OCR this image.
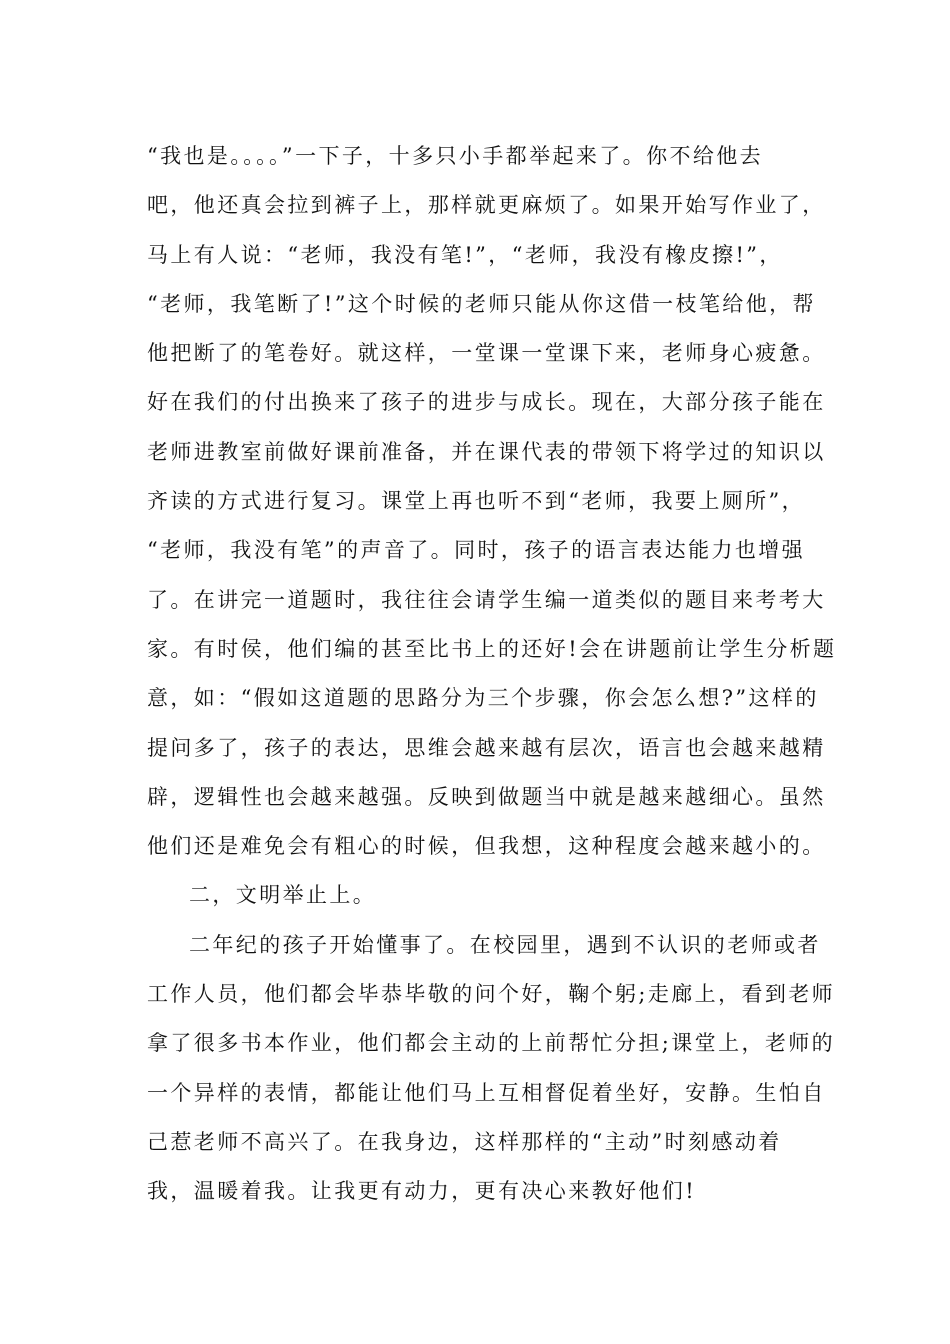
“我也是。。。。”一下子，十多只小手都举起来了。你不给他去
吧，他还真会拉到裤子上，那样就更麻烦了。如果开始写作业了，
马上有人说：“老师，我没有笔!”，“老师，我没有橡皮擦!”，
“老师，我笔断了!”这个时候的老师只能从你这借一枝笔给他，帮
他把断了的笔卷好。就这样，一堂课一堂课下来，老师身心疲惫。
好在我们的付出换来了孩子的进步与成长。现在，大部分孩子能在
老师进教室前做好课前准备，并在课代表的带领下将学过的知识以
齐读的方式进行复习。课堂上再也听不到“老师，我要上厕所”，
“老师，我没有笔”的声音了。同时，孩子的语言表达能力也增强
了。在讲完一道题时，我往往会请学生编一道类似的题目来考考大
家。有时侯，他们编的甚至比书上的还好!会在讲题前让学生分析题
意，如：“假如这道题的思路分为三个步骤，你会怎么想?”这样的
提问多了，孩子的表达，思维会越来越有层次，语言也会越来越精
辟，逻辑性也会越来越强。反映到做题当中就是越来越细心。虽然
他们还是难免会有粗心的时候，但我想，这种程度会越来越小的。
二，文明举止上。
二年纪的孩子开始懂事了。在校园里，遇到不认识的老师或者
工作人员，他们都会毕恭毕敬的问个好，鞠个躬;走廊上，看到老师
拿了很多书本作业，他们都会主动的上前帮忙分担;课堂上，老师的
一个异样的表情，都能让他们马上互相督促着坐好，安静。生怕自
己惹老师不高兴了。在我身边，这样那样的“主动”时刻感动着
我，温暖着我。让我更有动力，更有决心来教好他们!
